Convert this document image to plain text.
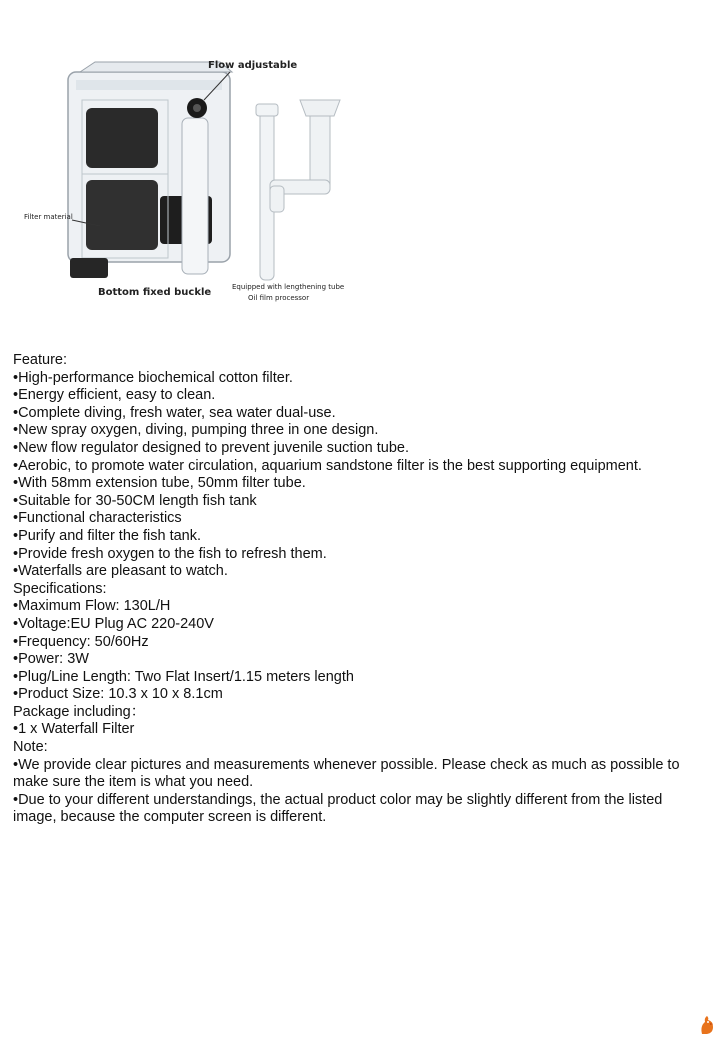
Flow adjustable
Filter material
Bottom fixed buckle	Equipped with lengthening tube
Oil film processor
Feature:
•High-performance biochemical cotton filter.
•Energy efficient, easy to clean.
•Complete diving, fresh water, sea water dual-use.
•New spray oxygen, diving, pumping three in one design.
•New flow regulator designed to prevent juvenile suction tube.
•Aerobic, to promote water circulation, aquarium sandstone filter is the best supporting equipment.
•With 58mm extension tube, 50mm filter tube.
•Suitable for 30-50CM length fish tank
•Functional characteristics
•Purify and filter the fish tank.
•Provide fresh oxygen to the fish to refresh them.
•Waterfalls are pleasant to watch.
Specifications:
•Maximum Flow: 130L/H
•Voltage:EU Plug AC 220-240V
•Frequency: 50/60Hz
•Power: 3W
•Plug/Line Length: Two Flat Insert/1.15 meters length
•Product Size: 10.3 x 10 x 8.1cm
Package including：
•1 x Waterfall Filter
Note:
•We provide clear pictures and measurements whenever possible. Please check as much as possible to make sure the item is what you need.
•Due to your different understandings, the actual product color may be slightly different from the listed image, because the computer screen is different.
